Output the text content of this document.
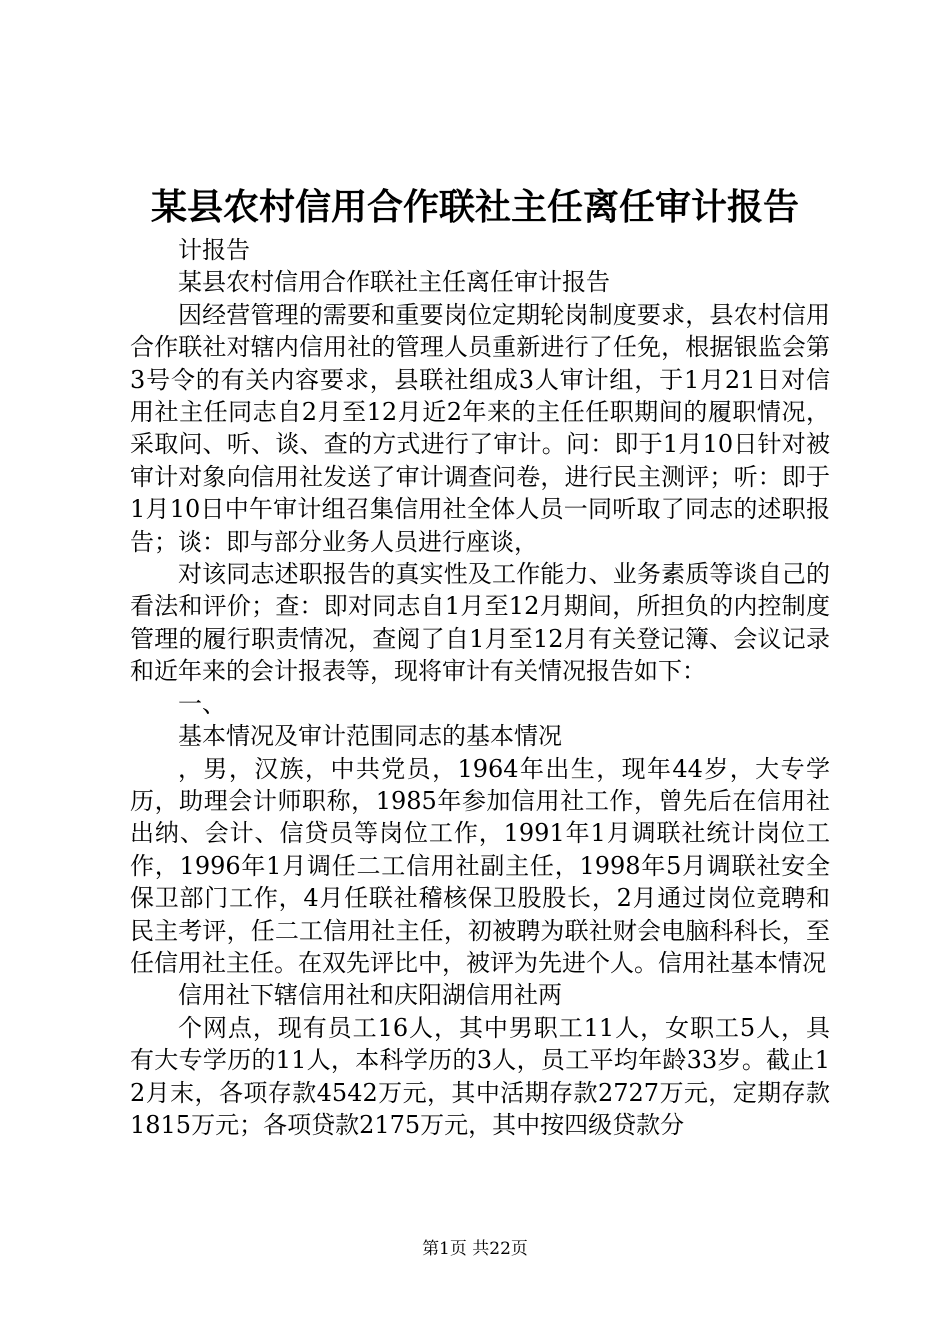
某县农村信用合作联社主任离任审计报告

计报告

某县农村信用合作联社主任离任审计报告

因经营管理的需要和重要岗位定期轮岗制度要求，县农村信用合作联社对辖内信用社的管理人员重新进行了任免，根据银监会第3号令的有关内容要求，县联社组成3人审计组，于1月21日对信用社主任同志自2月至12月近2年来的主任任职期间的履职情况，采取问、听、谈、查的方式进行了审计。问：即于1月10日针对被审计对象向信用社发送了审计调查问卷，进行民主测评；听：即于1月10日中午审计组召集信用社全体人员一同听取了同志的述职报告；谈：即与部分业务人员进行座谈，

对该同志述职报告的真实性及工作能力、业务素质等谈自己的看法和评价；查：即对同志自1月至12月期间，所担负的内控制度管理的履行职责情况，查阅了自1月至12月有关登记簿、会议记录和近年来的会计报表等，现将审计有关情况报告如下：

一、

基本情况及审计范围同志的基本情况

，男，汉族，中共党员，1964年出生，现年44岁，大专学历，助理会计师职称，1985年参加信用社工作，曾先后在信用社出纳、会计、信贷员等岗位工作，1991年1月调联社统计岗位工作，1996年1月调任二工信用社副主任，1998年5月调联社安全保卫部门工作，4月任联社稽核保卫股股长，2月通过岗位竞聘和民主考评，任二工信用社主任，初被聘为联社财会电脑科科长，至任信用社主任。在双先评比中，被评为先进个人。信用社基本情况

信用社下辖信用社和庆阳湖信用社两

个网点，现有员工16人，其中男职工11人，女职工5人，具有大专学历的11人，本科学历的3人，员工平均年龄33岁。截止12月末，各项存款4542万元，其中活期存款2727万元，定期存款1815万元；各项贷款2175万元，其中按四级贷款分

第1页 共22页
